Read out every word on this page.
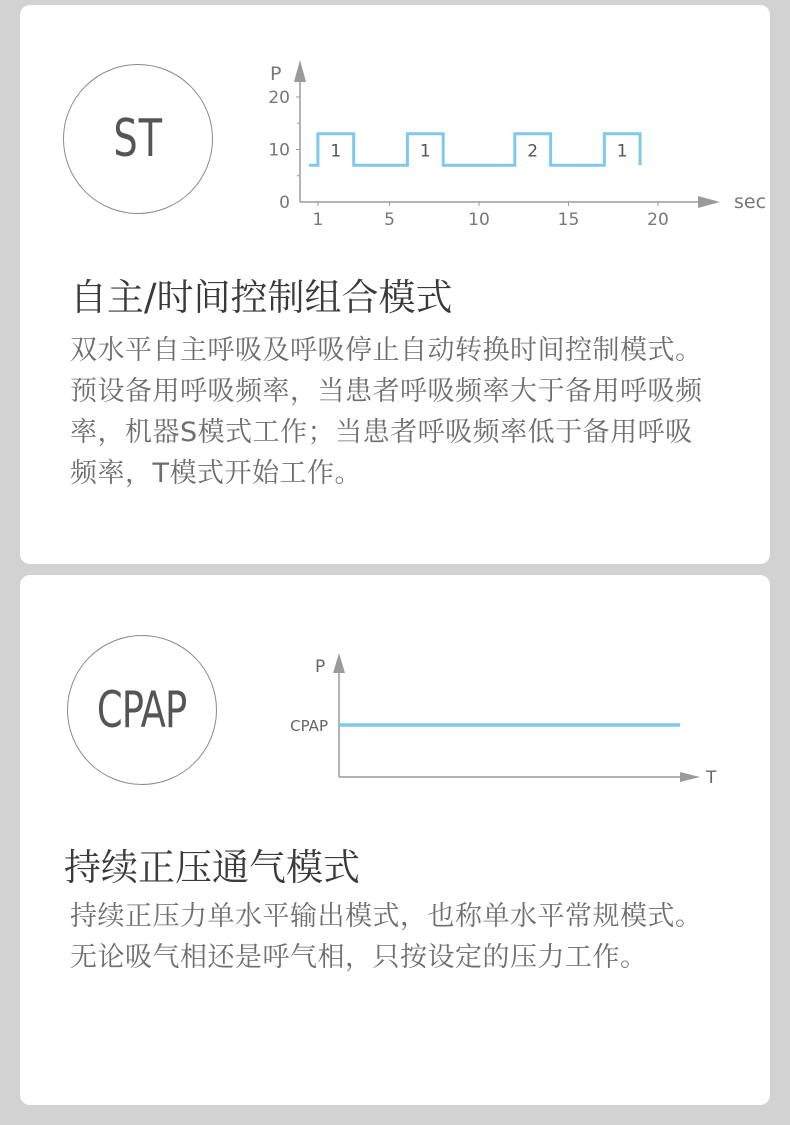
ST
sec
P
0
10
20
1	5	10	15	20
1	1	2	1
自主/时间控制组合模式

双水平自主呼吸及呼吸停止自动转换时间控制模式。预设备用呼吸频率，当患者呼吸频率大于备用呼吸频率，机器S模式工作；当患者呼吸频率低于备用呼吸频率，T模式开始工作。

CPAP
T
P
CPAP
持续正压通气模式

持续正压力单水平输出模式，也称单水平常规模式。无论吸气相还是呼气相，只按设定的压力工作。
